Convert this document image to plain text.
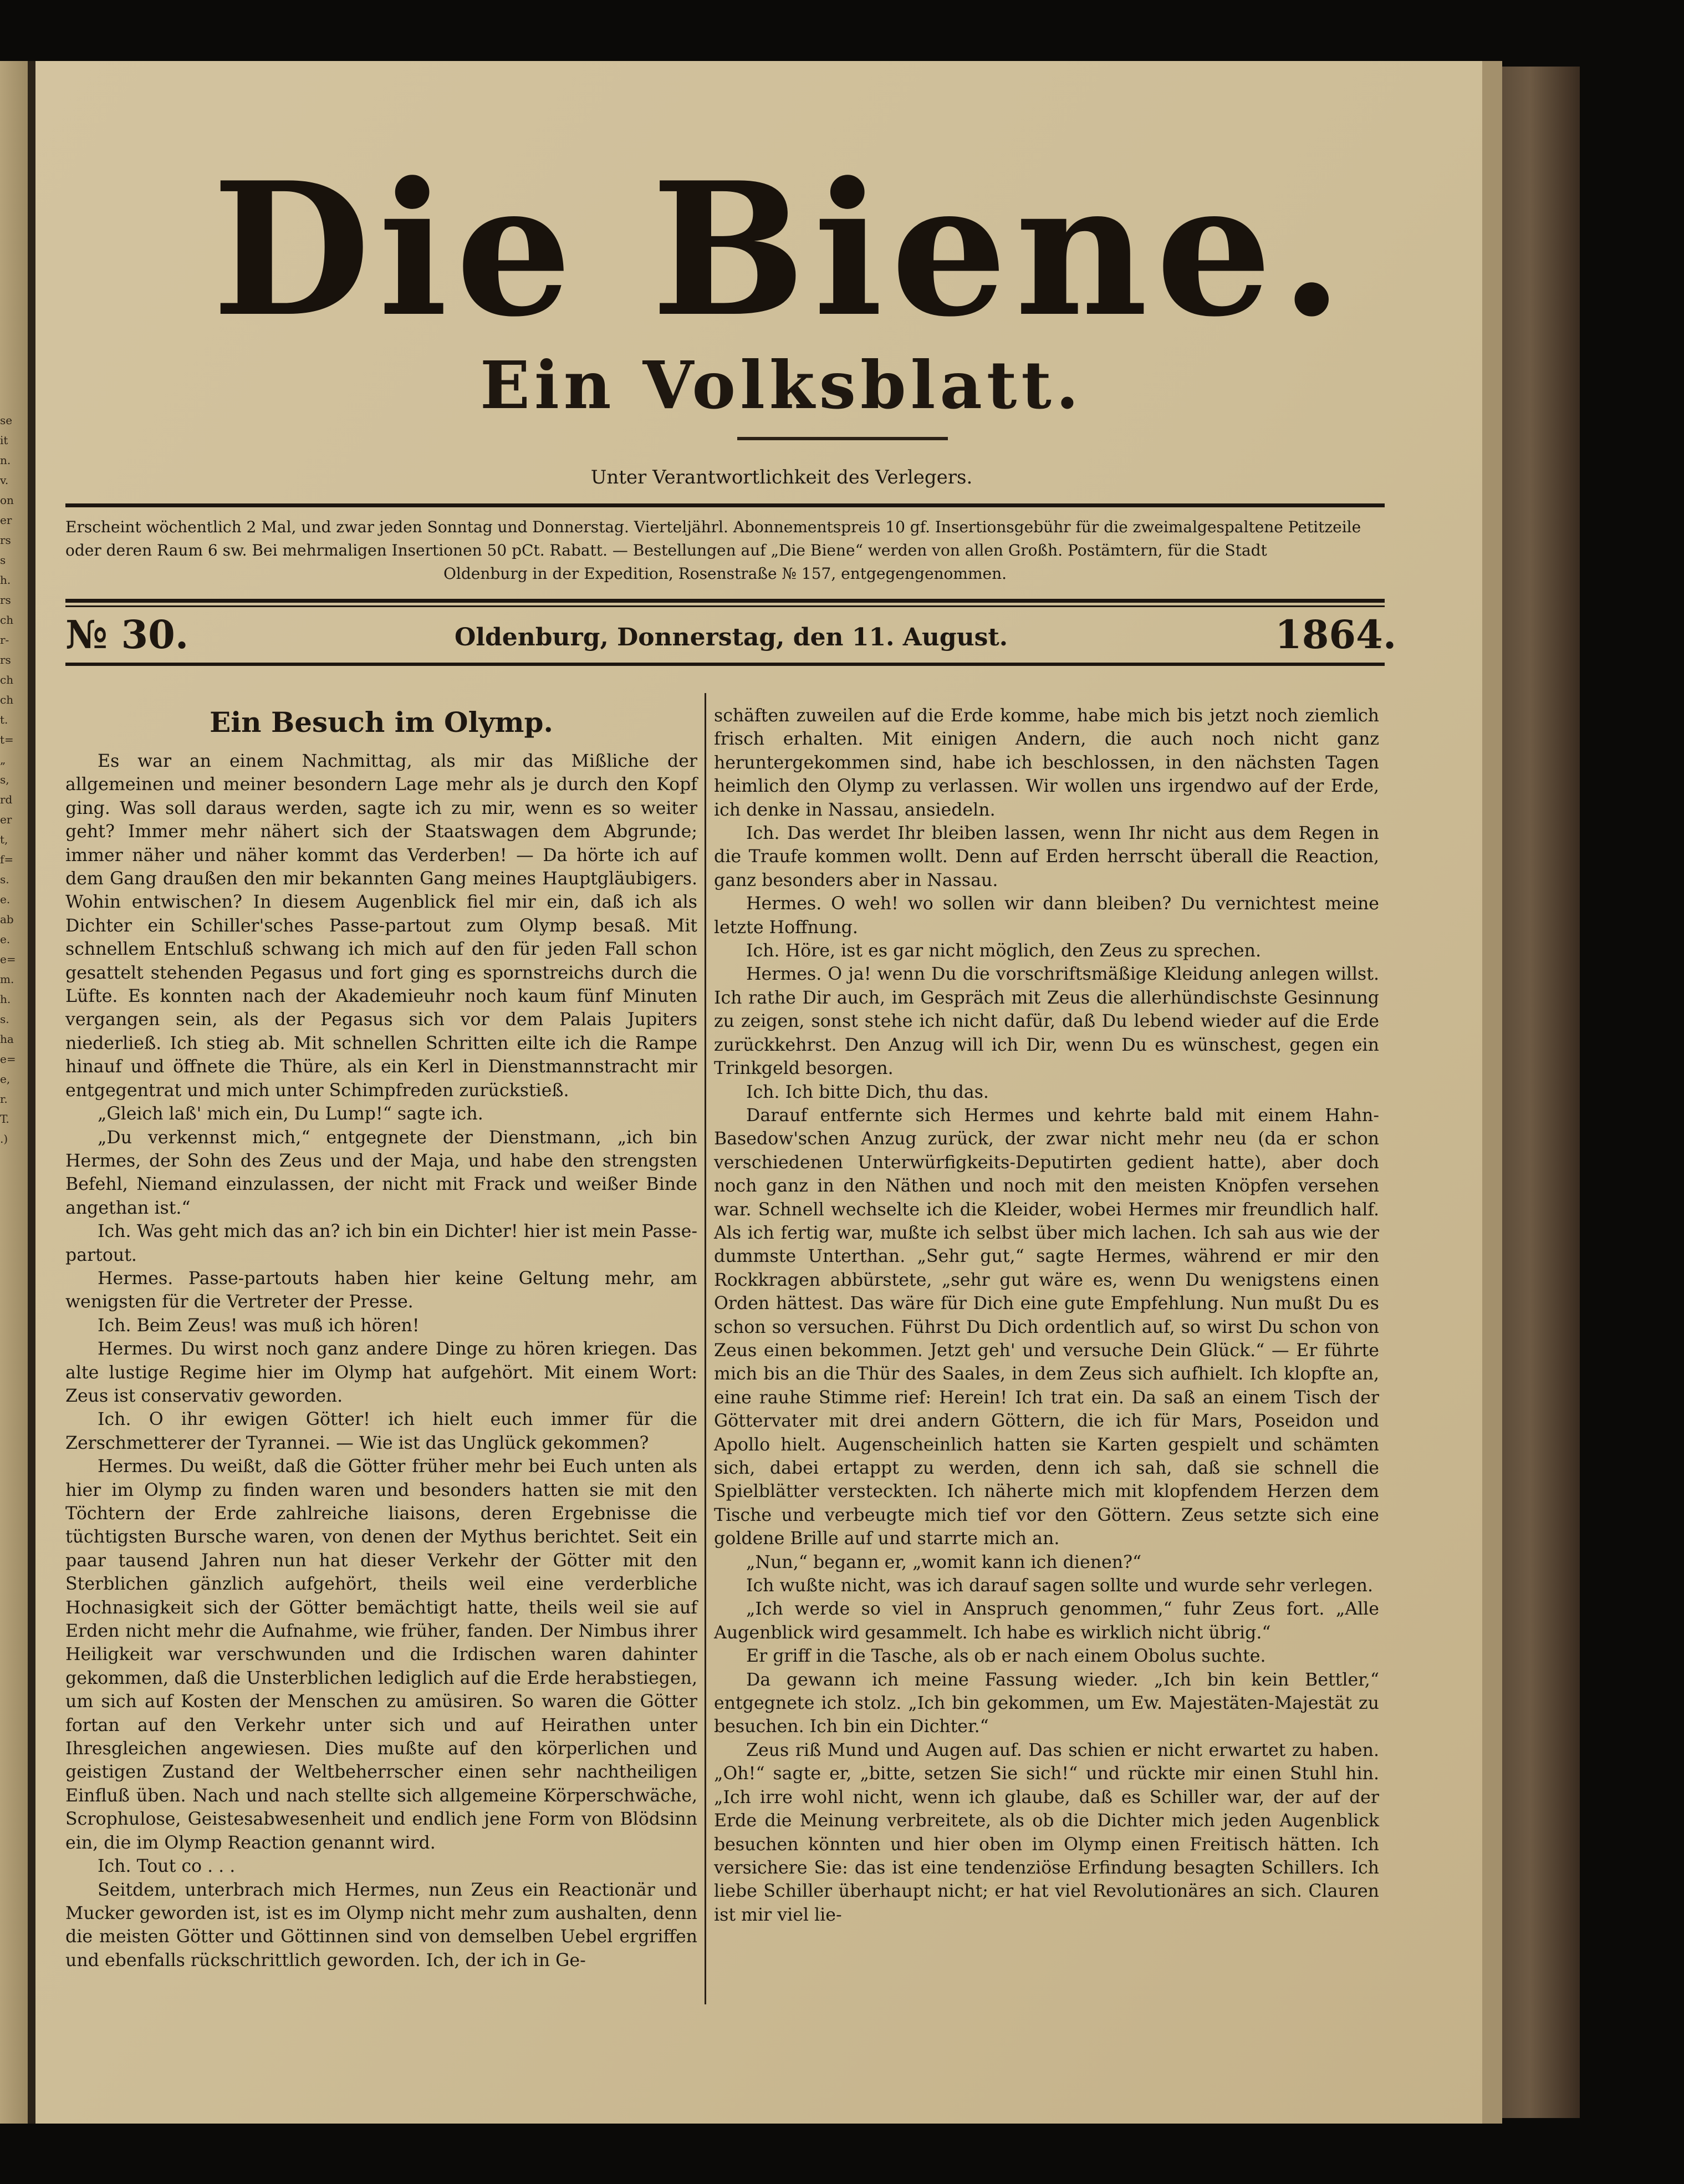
Die Biene.
Ein Volksblatt.
Unter Verantwortlichkeit des Verlegers.

Erscheint wöchentlich 2 Mal, und zwar jeden Sonntag und Donnerstag. Vierteljährl. Abonnementspreis 10 gf. Insertionsgebühr für die zweimalgespaltene Petitzeile

oder deren Raum 6 sw. Bei mehrmaligen Insertionen 50 pCt. Rabatt. — Bestellungen auf „Die Biene“ werden von allen Großh. Postämtern, für die Stadt

Oldenburg in der Expedition, Rosenstraße № 157, entgegengenommen.

№ 30.	Oldenburg, Donnerstag, den 11. August.	1864.

Ein Besuch im Olymp.

Es war an einem Nachmittag, als mir das Mißliche der allgemeinen und meiner besondern Lage mehr als je durch den Kopf ging. Was soll daraus werden, sagte ich zu mir, wenn es so weiter geht? Immer mehr nähert sich der Staatswagen dem Abgrunde; immer näher und näher kommt das Verderben! — Da hörte ich auf dem Gang draußen den mir bekannten Gang meines Hauptgläubigers. Wohin entwischen? In diesem Augenblick fiel mir ein, daß ich als Dichter ein Schiller'sches Passe-partout zum Olymp besaß. Mit schnellem Entschluß schwang ich mich auf den für jeden Fall schon gesattelt stehenden Pegasus und fort ging es spornstreichs durch die Lüfte. Es konnten nach der Akademieuhr noch kaum fünf Minuten vergangen sein, als der Pegasus sich vor dem Palais Jupiters niederließ. Ich stieg ab. Mit schnellen Schritten eilte ich die Rampe hinauf und öffnete die Thüre, als ein Kerl in Dienstmannstracht mir entgegentrat und mich unter Schimpfreden zurückstieß.

„Gleich laß' mich ein, Du Lump!“ sagte ich.

„Du verkennst mich,“ entgegnete der Dienstmann, „ich bin Hermes, der Sohn des Zeus und der Maja, und habe den strengsten Befehl, Niemand einzulassen, der nicht mit Frack und weißer Binde angethan ist.“

Ich. Was geht mich das an? ich bin ein Dichter! hier ist mein Passe-partout.

Hermes. Passe-partouts haben hier keine Geltung mehr, am wenigsten für die Vertreter der Presse.

Ich. Beim Zeus! was muß ich hören!

Hermes. Du wirst noch ganz andere Dinge zu hören kriegen. Das alte lustige Regime hier im Olymp hat aufgehört. Mit einem Wort: Zeus ist conservativ geworden.

Ich. O ihr ewigen Götter! ich hielt euch immer für die Zerschmetterer der Tyrannei. — Wie ist das Unglück gekommen?

Hermes. Du weißt, daß die Götter früher mehr bei Euch unten als hier im Olymp zu finden waren und besonders hatten sie mit den Töchtern der Erde zahlreiche liaisons, deren Ergebnisse die tüchtigsten Bursche waren, von denen der Mythus berichtet. Seit ein paar tausend Jahren nun hat dieser Verkehr der Götter mit den Sterblichen gänzlich aufgehört, theils weil eine verderbliche Hochnasigkeit sich der Götter bemächtigt hatte, theils weil sie auf Erden nicht mehr die Aufnahme, wie früher, fanden. Der Nimbus ihrer Heiligkeit war verschwunden und die Irdischen waren dahinter gekommen, daß die Unsterblichen lediglich auf die Erde herabstiegen, um sich auf Kosten der Menschen zu amüsiren. So waren die Götter fortan auf den Verkehr unter sich und auf Heirathen unter Ihresgleichen angewiesen. Dies mußte auf den körperlichen und geistigen Zustand der Weltbeherrscher einen sehr nachtheiligen Einfluß üben. Nach und nach stellte sich allgemeine Körperschwäche, Scrophulose, Geistesabwesenheit und endlich jene Form von Blödsinn ein, die im Olymp Reaction genannt wird.

Ich. Tout co . . .

Seitdem, unterbrach mich Hermes, nun Zeus ein Reactionär und Mucker geworden ist, ist es im Olymp nicht mehr zum aushalten, denn die meisten Götter und Göttinnen sind von demselben Uebel ergriffen und ebenfalls rückschrittlich geworden. Ich, der ich in Ge-

schäften zuweilen auf die Erde komme, habe mich bis jetzt noch ziemlich frisch erhalten. Mit einigen Andern, die auch noch nicht ganz heruntergekommen sind, habe ich beschlossen, in den nächsten Tagen heimlich den Olymp zu verlassen. Wir wollen uns irgendwo auf der Erde, ich denke in Nassau, ansiedeln.

Ich. Das werdet Ihr bleiben lassen, wenn Ihr nicht aus dem Regen in die Traufe kommen wollt. Denn auf Erden herrscht überall die Reaction, ganz besonders aber in Nassau.

Hermes. O weh! wo sollen wir dann bleiben? Du vernichtest meine letzte Hoffnung.

Ich. Höre, ist es gar nicht möglich, den Zeus zu sprechen.

Hermes. O ja! wenn Du die vorschriftsmäßige Kleidung anlegen willst. Ich rathe Dir auch, im Gespräch mit Zeus die allerhündischste Gesinnung zu zeigen, sonst stehe ich nicht dafür, daß Du lebend wieder auf die Erde zurückkehrst. Den Anzug will ich Dir, wenn Du es wünschest, gegen ein Trinkgeld besorgen.

Ich. Ich bitte Dich, thu das.

Darauf entfernte sich Hermes und kehrte bald mit einem Hahn-Basedow'schen Anzug zurück, der zwar nicht mehr neu (da er schon verschiedenen Unterwürfigkeits-Deputirten gedient hatte), aber doch noch ganz in den Näthen und noch mit den meisten Knöpfen versehen war. Schnell wechselte ich die Kleider, wobei Hermes mir freundlich half. Als ich fertig war, mußte ich selbst über mich lachen. Ich sah aus wie der dummste Unterthan. „Sehr gut,“ sagte Hermes, während er mir den Rockkragen abbürstete, „sehr gut wäre es, wenn Du wenigstens einen Orden hättest. Das wäre für Dich eine gute Empfehlung. Nun mußt Du es schon so versuchen. Führst Du Dich ordentlich auf, so wirst Du schon von Zeus einen bekommen. Jetzt geh' und versuche Dein Glück.“ — Er führte mich bis an die Thür des Saales, in dem Zeus sich aufhielt. Ich klopfte an, eine rauhe Stimme rief: Herein! Ich trat ein. Da saß an einem Tisch der Göttervater mit drei andern Göttern, die ich für Mars, Poseidon und Apollo hielt. Augenscheinlich hatten sie Karten gespielt und schämten sich, dabei ertappt zu werden, denn ich sah, daß sie schnell die Spielblätter versteckten. Ich näherte mich mit klopfendem Herzen dem Tische und verbeugte mich tief vor den Göttern. Zeus setzte sich eine goldene Brille auf und starrte mich an.

„Nun,“ begann er, „womit kann ich dienen?“

Ich wußte nicht, was ich darauf sagen sollte und wurde sehr verlegen.

„Ich werde so viel in Anspruch genommen,“ fuhr Zeus fort. „Alle Augenblick wird gesammelt. Ich habe es wirklich nicht übrig.“

Er griff in die Tasche, als ob er nach einem Obolus suchte.

Da gewann ich meine Fassung wieder. „Ich bin kein Bettler,“ entgegnete ich stolz. „Ich bin gekommen, um Ew. Majestäten-Majestät zu besuchen. Ich bin ein Dichter.“

Zeus riß Mund und Augen auf. Das schien er nicht erwartet zu haben. „Oh!“ sagte er, „bitte, setzen Sie sich!“ und rückte mir einen Stuhl hin. „Ich irre wohl nicht, wenn ich glaube, daß es Schiller war, der auf der Erde die Meinung verbreitete, als ob die Dichter mich jeden Augenblick besuchen könnten und hier oben im Olymp einen Freitisch hätten. Ich versichere Sie: das ist eine tendenziöse Erfindung besagten Schillers. Ich liebe Schiller überhaupt nicht; er hat viel Revolutionäres an sich. Clauren ist mir viel lie-

se
it
n.
v.
on
er
rs
s
h.
rs
ch
r-
rs
ch
ch
t.
t=
„
s,
rd
er
t,
f=
s.
e.
ab
e.
e=
m.
h.
s.
ha
e=
e,
r.
T.
.)
